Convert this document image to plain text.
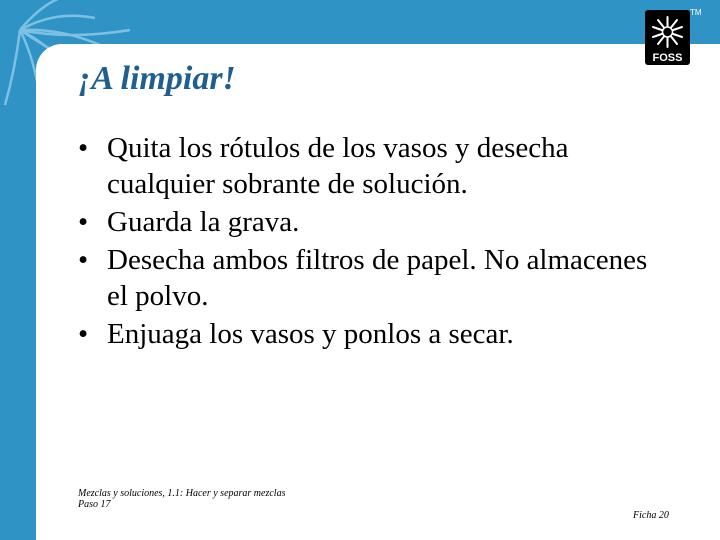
¡A limpiar!
• Quita los rótulos de los vasos y desecha cualquier sobrante de solución.
• Guarda la grava.
• Desecha ambos filtros de papel. No almacenes el polvo.
• Enjuaga los vasos y ponlos a secar.
Mezclas y soluciones, 1.1: Hacer y separar mezclas
Paso 17
Ficha 20
FOSS
TM
